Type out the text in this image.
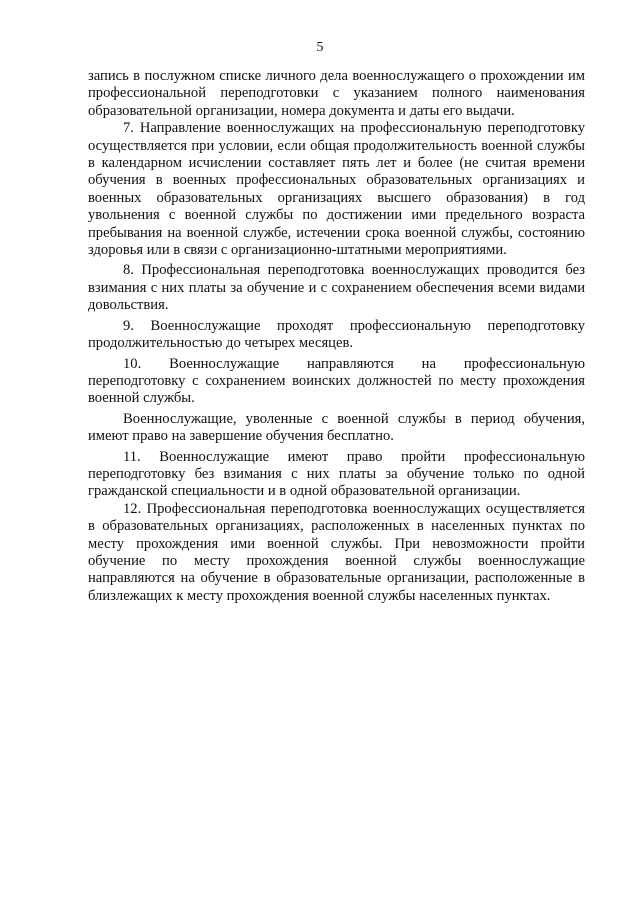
5

запись в послужном списке личного дела военнослужащего о прохождении им профессиональной переподготовки с указанием полного наименования образовательной организации, номера документа и даты его выдачи.

7. Направление военнослужащих на профессиональную переподготовку осуществляется при условии, если общая продолжительность военной службы в календарном исчислении составляет пять лет и более (не считая времени обучения в военных профессиональных образовательных организациях и военных образовательных организациях высшего образования) в год увольнения с военной службы по достижении ими предельного возраста пребывания на военной службе, истечении срока военной службы, состоянию здоровья или в связи с организационно-штатными мероприятиями.

8. Профессиональная переподготовка военнослужащих проводится без взимания с них платы за обучение и с сохранением обеспечения всеми видами довольствия.

9. Военнослужащие проходят профессиональную переподготовку продолжительностью до четырех месяцев.

10. Военнослужащие направляются на профессиональную переподготовку с сохранением воинских должностей по месту прохождения военной службы.

Военнослужащие, уволенные с военной службы в период обучения, имеют право на завершение обучения бесплатно.

11. Военнослужащие имеют право пройти профессиональную переподготовку без взимания с них платы за обучение только по одной гражданской специальности и в одной образовательной организации.

12. Профессиональная переподготовка военнослужащих осуществляется в образовательных организациях, расположенных в населенных пунктах по месту прохождения ими военной службы. При невозможности пройти обучение по месту прохождения военной службы военнослужащие направляются на обучение в образовательные организации, расположенные в близлежащих к месту прохождения военной службы населенных пунктах.
